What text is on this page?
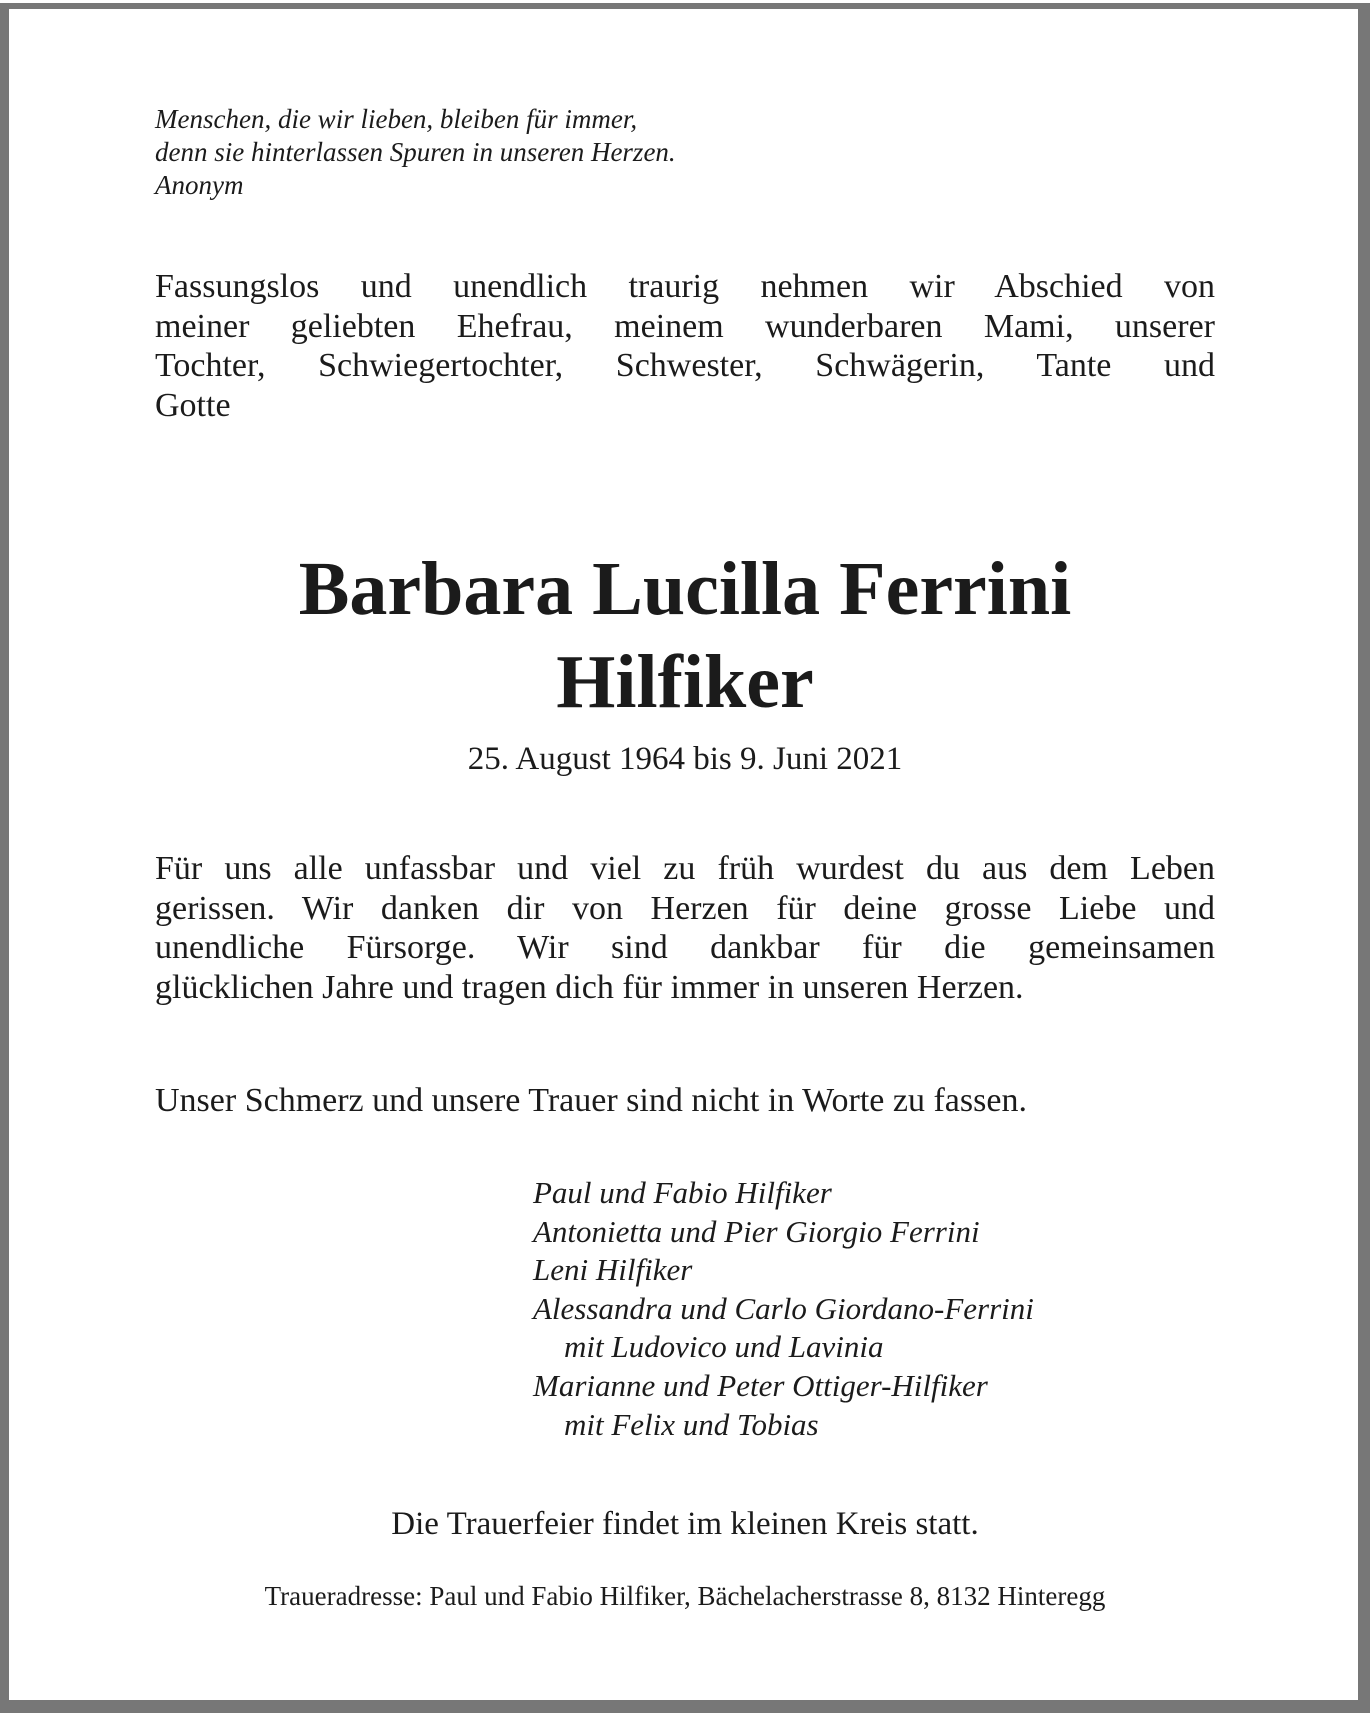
Menschen, die wir lieben, bleiben für immer,
denn sie hinterlassen Spuren in unseren Herzen.
Anonym
Fassungslos und unendlich traurig nehmen wir Abschied von
meiner geliebten Ehefrau, meinem wunderbaren Mami, unserer
Tochter, Schwiegertochter, Schwester, Schwägerin, Tante und
Gotte
Barbara Lucilla Ferrini
Hilfiker
25. August 1964 bis 9. Juni 2021
Für uns alle unfassbar und viel zu früh wurdest du aus dem Leben
gerissen. Wir danken dir von Herzen für deine grosse Liebe und
unendliche Fürsorge. Wir sind dankbar für die gemeinsamen
glücklichen Jahre und tragen dich für immer in unseren Herzen.
Unser Schmerz und unsere Trauer sind nicht in Worte zu fassen.
Paul und Fabio Hilfiker
Antonietta und Pier Giorgio Ferrini
Leni Hilfiker
Alessandra und Carlo Giordano-Ferrini
mit Ludovico und Lavinia
Marianne und Peter Ottiger-Hilfiker
mit Felix und Tobias
Die Trauerfeier findet im kleinen Kreis statt.
Traueradresse: Paul und Fabio Hilfiker, Bächelacherstrasse 8, 8132 Hinteregg
